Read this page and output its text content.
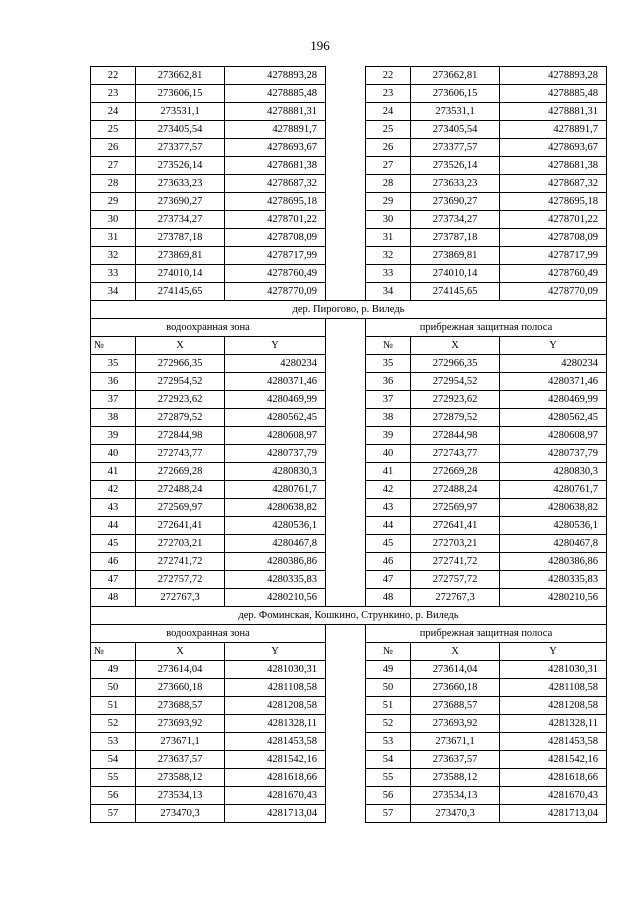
196
22	273662,81	4278893,28		22	273662,81	4278893,28
23	273606,15	4278885,48		23	273606,15	4278885,48
24	273531,1	4278881,31		24	273531,1	4278881,31
25	273405,54	4278891,7		25	273405,54	4278891,7
26	273377,57	4278693,67		26	273377,57	4278693,67
27	273526,14	4278681,38		27	273526,14	4278681,38
28	273633,23	4278687,32		28	273633,23	4278687,32
29	273690,27	4278695,18		29	273690,27	4278695,18
30	273734,27	4278701,22		30	273734,27	4278701,22
31	273787,18	4278708,09		31	273787,18	4278708,09
32	273869,81	4278717,99		32	273869,81	4278717,99
33	274010,14	4278760,49		33	274010,14	4278760,49
34	274145,65	4278770,09		34	274145,65	4278770,09
дер. Пирогово, р. Виледь						
водоохранная зона				прибрежная защитная полоса		
№	X	Y		№	X	Y
35	272966,35	4280234		35	272966,35	4280234
36	272954,52	4280371,46		36	272954,52	4280371,46
37	272923,62	4280469,99		37	272923,62	4280469,99
38	272879,52	4280562,45		38	272879,52	4280562,45
39	272844,98	4280608,97		39	272844,98	4280608,97
40	272743,77	4280737,79		40	272743,77	4280737,79
41	272669,28	4280830,3		41	272669,28	4280830,3
42	272488,24	4280761,7		42	272488,24	4280761,7
43	272569,97	4280638,82		43	272569,97	4280638,82
44	272641,41	4280536,1		44	272641,41	4280536,1
45	272703,21	4280467,8		45	272703,21	4280467,8
46	272741,72	4280386,86		46	272741,72	4280386,86
47	272757,72	4280335,83		47	272757,72	4280335,83
48	272767,3	4280210,56		48	272767,3	4280210,56
дер. Фоминская, Кошкино, Стрункино, р. Виледь						
водоохранная зона				прибрежная защитная полоса		
№	X	Y		№	X	Y
49	273614,04	4281030,31		49	273614,04	4281030,31
50	273660,18	4281108,58		50	273660,18	4281108,58
51	273688,57	4281208,58		51	273688,57	4281208,58
52	273693,92	4281328,11		52	273693,92	4281328,11
53	273671,1	4281453,58		53	273671,1	4281453,58
54	273637,57	4281542,16		54	273637,57	4281542,16
55	273588,12	4281618,66		55	273588,12	4281618,66
56	273534,13	4281670,43		56	273534,13	4281670,43
57	273470,3	4281713,04		57	273470,3	4281713,04
